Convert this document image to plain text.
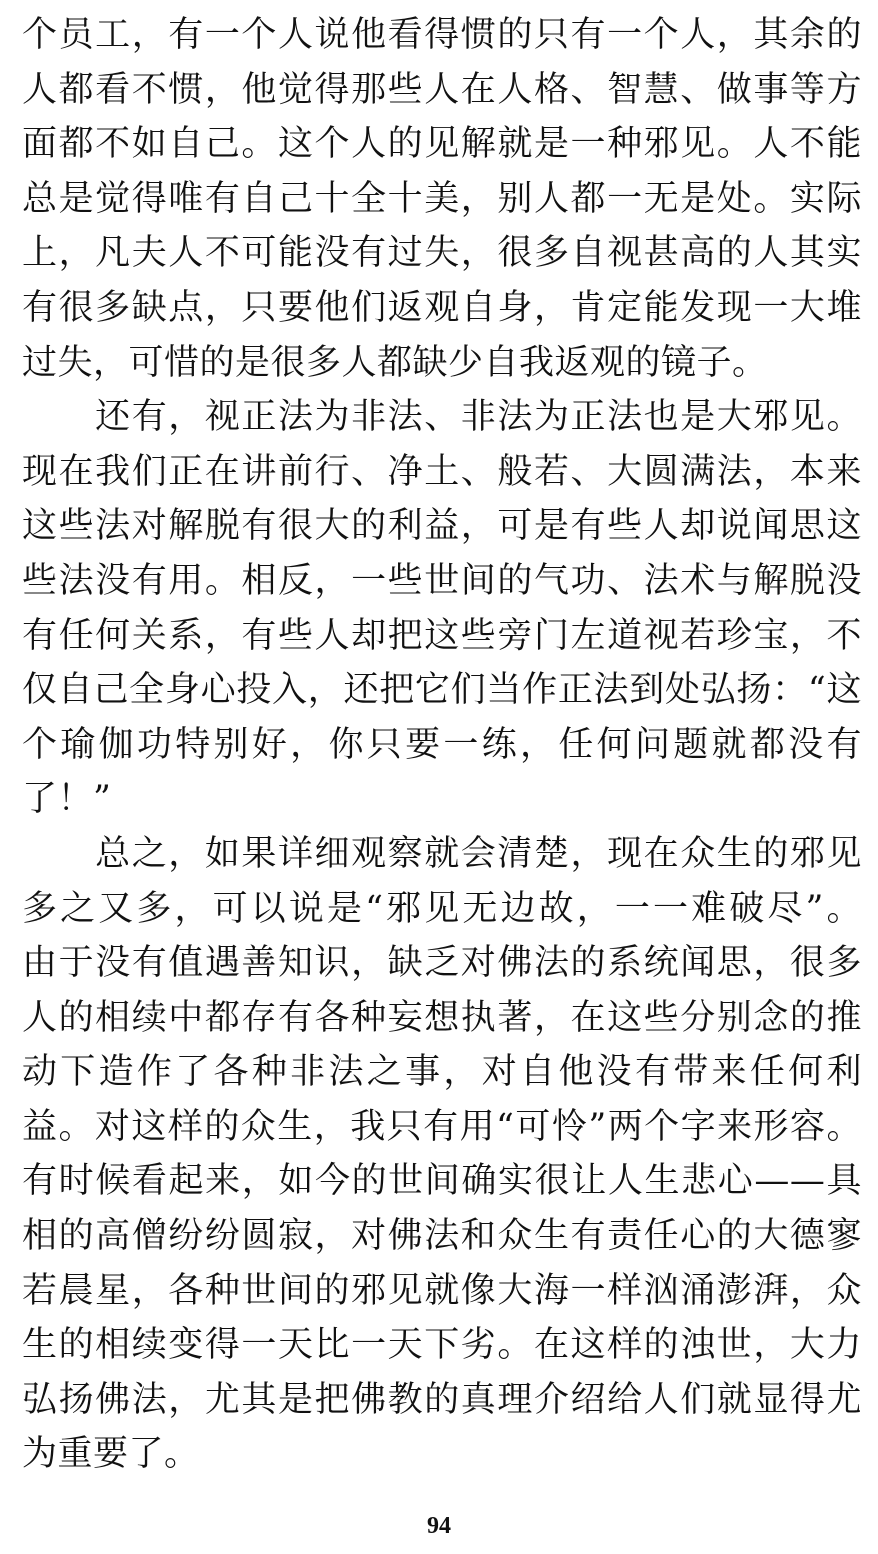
个员工，有一个人说他看得惯的只有一个人，其余的
人都看不惯，他觉得那些人在人格、智慧、做事等方
面都不如自己。这个人的见解就是一种邪见。人不能
总是觉得唯有自己十全十美，别人都一无是处。实际
上，凡夫人不可能没有过失，很多自视甚高的人其实
有很多缺点，只要他们返观自身，肯定能发现一大堆
过失，可惜的是很多人都缺少自我返观的镜子。
　　还有，视正法为非法、非法为正法也是大邪见。
现在我们正在讲前行、净土、般若、大圆满法，本来
这些法对解脱有很大的利益，可是有些人却说闻思这
些法没有用。相反，一些世间的气功、法术与解脱没
有任何关系，有些人却把这些旁门左道视若珍宝，不
仅自己全身心投入，还把它们当作正法到处弘扬：“这
个瑜伽功特别好，你只要一练，任何问题就都没有
了！”
　　总之，如果详细观察就会清楚，现在众生的邪见
多之又多，可以说是“邪见无边故，一一难破尽”。
由于没有值遇善知识，缺乏对佛法的系统闻思，很多
人的相续中都存有各种妄想执著，在这些分别念的推
动下造作了各种非法之事，对自他没有带来任何利
益。对这样的众生，我只有用“可怜”两个字来形容。
有时候看起来，如今的世间确实很让人生悲心——具
相的高僧纷纷圆寂，对佛法和众生有责任心的大德寥
若晨星，各种世间的邪见就像大海一样汹涌澎湃，众
生的相续变得一天比一天下劣。在这样的浊世，大力
弘扬佛法，尤其是把佛教的真理介绍给人们就显得尤
为重要了。
94
